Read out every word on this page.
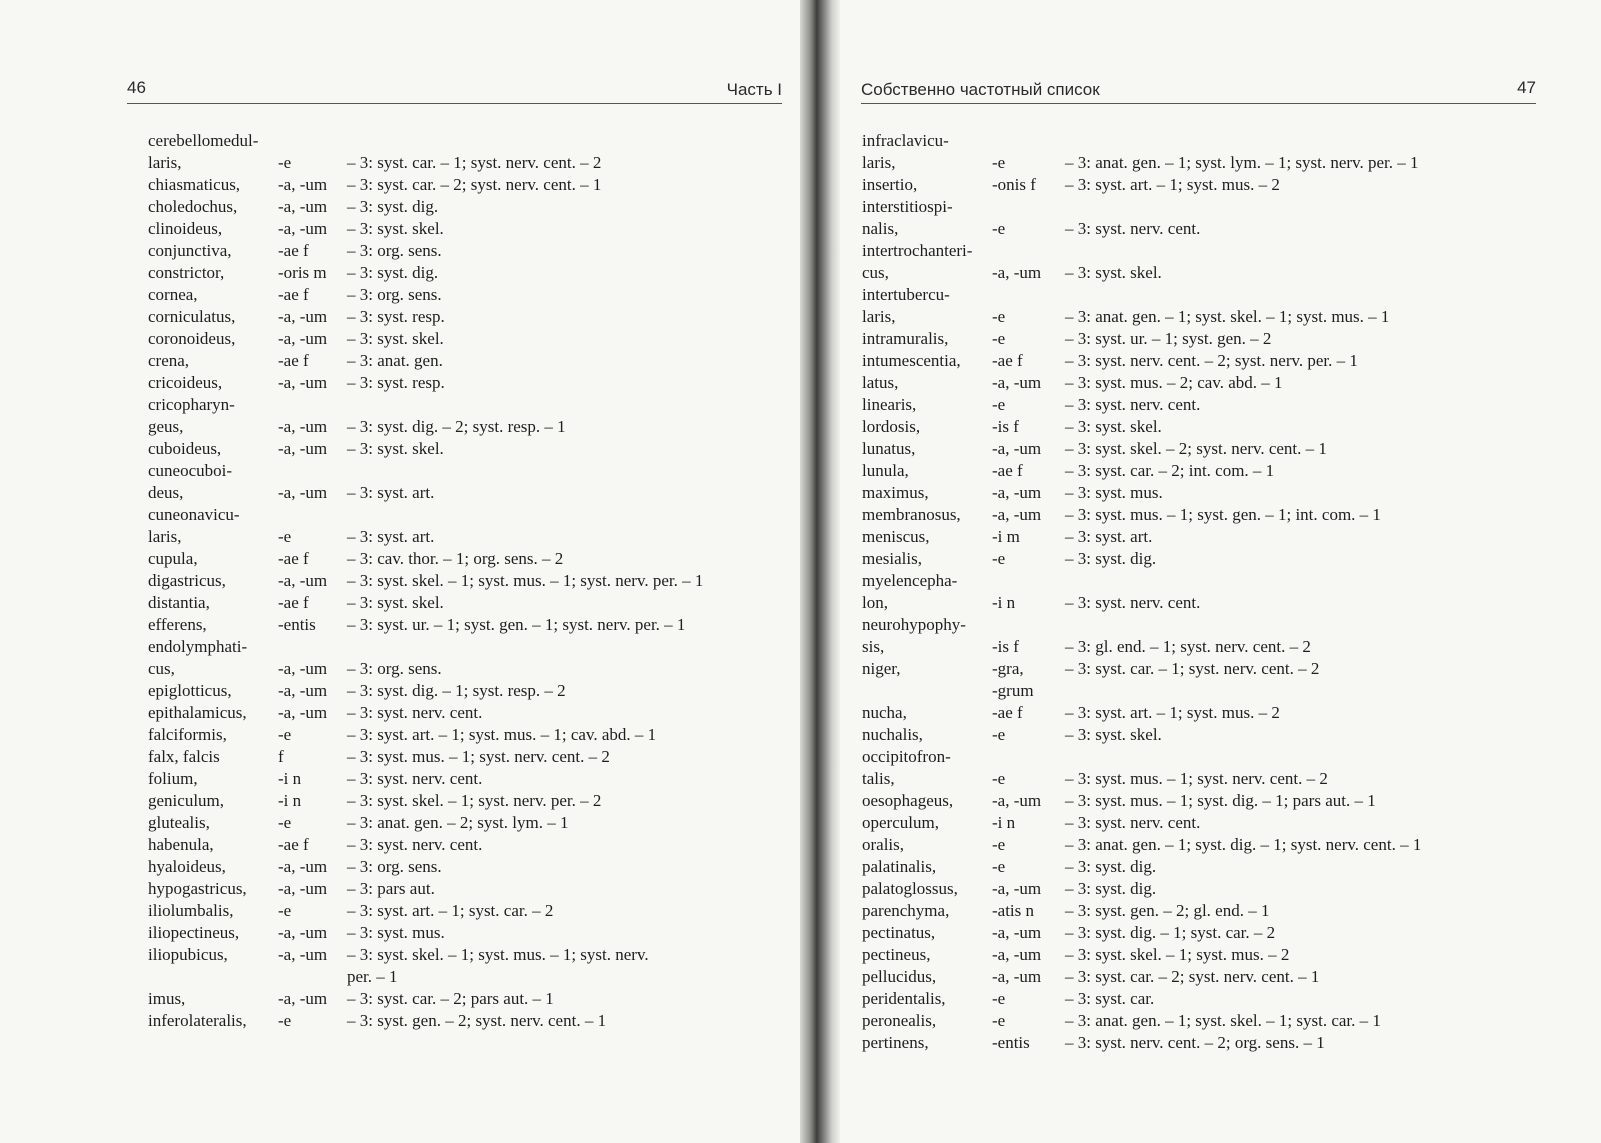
46	Часть I
cerebellomedul-
laris,	-e	– 3: syst. car. – 1; syst. nerv. cent. – 2
chiasmaticus,	-a, -um	– 3: syst. car. – 2; syst. nerv. cent. – 1
choledochus,	-a, -um	– 3: syst. dig.
clinoideus,	-a, -um	– 3: syst. skel.
conjunctiva,	-ae f	– 3: org. sens.
constrictor,	-oris m	– 3: syst. dig.
cornea,	-ae f	– 3: org. sens.
corniculatus,	-a, -um	– 3: syst. resp.
coronoideus,	-a, -um	– 3: syst. skel.
crena,	-ae f	– 3: anat. gen.
cricoideus,	-a, -um	– 3: syst. resp.
cricopharyn-
geus,	-a, -um	– 3: syst. dig. – 2; syst. resp. – 1
cuboideus,	-a, -um	– 3: syst. skel.
cuneocuboi-
deus,	-a, -um	– 3: syst. art.
cuneonavicu-
laris,	-e	– 3: syst. art.
cupula,	-ae f	– 3: cav. thor. – 1; org. sens. – 2
digastricus,	-a, -um	– 3: syst. skel. – 1; syst. mus. – 1; syst. nerv. per. – 1
distantia,	-ae f	– 3: syst. skel.
efferens,	-entis	– 3: syst. ur. – 1; syst. gen. – 1; syst. nerv. per. – 1
endolymphati-
cus,	-a, -um	– 3: org. sens.
epiglotticus,	-a, -um	– 3: syst. dig. – 1; syst. resp. – 2
epithalamicus,	-a, -um	– 3: syst. nerv. cent.
falciformis,	-e	– 3: syst. art. – 1; syst. mus. – 1; cav. abd. – 1
falx, falcis	f	– 3: syst. mus. – 1; syst. nerv. cent. – 2
folium,	-i n	– 3: syst. nerv. cent.
geniculum,	-i n	– 3: syst. skel. – 1; syst. nerv. per. – 2
glutealis,	-e	– 3: anat. gen. – 2; syst. lym. – 1
habenula,	-ae f	– 3: syst. nerv. cent.
hyaloideus,	-a, -um	– 3: org. sens.
hypogastricus,	-a, -um	– 3: pars aut.
iliolumbalis,	-e	– 3: syst. art. – 1; syst. car. – 2
iliopectineus,	-a, -um	– 3: syst. mus.
iliopubicus,	-a, -um	– 3: syst. skel. – 1; syst. mus. – 1; syst. nerv.
per. – 1
imus,	-a, -um	– 3: syst. car. – 2; pars aut. – 1
inferolateralis,	-e	– 3: syst. gen. – 2; syst. nerv. cent. – 1
Собственно частотный список	47
infraclavicu-
laris,	-e	– 3: anat. gen. – 1; syst. lym. – 1; syst. nerv. per. – 1
insertio,	-onis f	– 3: syst. art. – 1; syst. mus. – 2
interstitiospi-
nalis,	-e	– 3: syst. nerv. cent.
intertrochanteri-
cus,	-a, -um	– 3: syst. skel.
intertubercu-
laris,	-e	– 3: anat. gen. – 1; syst. skel. – 1; syst. mus. – 1
intramuralis,	-e	– 3: syst. ur. – 1; syst. gen. – 2
intumescentia,	-ae f	– 3: syst. nerv. cent. – 2; syst. nerv. per. – 1
latus,	-a, -um	– 3: syst. mus. – 2; cav. abd. – 1
linearis,	-e	– 3: syst. nerv. cent.
lordosis,	-is f	– 3: syst. skel.
lunatus,	-a, -um	– 3: syst. skel. – 2; syst. nerv. cent. – 1
lunula,	-ae f	– 3: syst. car. – 2; int. com. – 1
maximus,	-a, -um	– 3: syst. mus.
membranosus,	-a, -um	– 3: syst. mus. – 1; syst. gen. – 1; int. com. – 1
meniscus,	-i m	– 3: syst. art.
mesialis,	-e	– 3: syst. dig.
myelencepha-
lon,	-i n	– 3: syst. nerv. cent.
neurohypophy-
sis,	-is f	– 3: gl. end. – 1; syst. nerv. cent. – 2
niger,	-gra,	– 3: syst. car. – 1; syst. nerv. cent. – 2
-grum
nucha,	-ae f	– 3: syst. art. – 1; syst. mus. – 2
nuchalis,	-e	– 3: syst. skel.
occipitofron-
talis,	-e	– 3: syst. mus. – 1; syst. nerv. cent. – 2
oesophageus,	-a, -um	– 3: syst. mus. – 1; syst. dig. – 1; pars aut. – 1
operculum,	-i n	– 3: syst. nerv. cent.
oralis,	-e	– 3: anat. gen. – 1; syst. dig. – 1; syst. nerv. cent. – 1
palatinalis,	-e	– 3: syst. dig.
palatoglossus,	-a, -um	– 3: syst. dig.
parenchyma,	-atis n	– 3: syst. gen. – 2; gl. end. – 1
pectinatus,	-a, -um	– 3: syst. dig. – 1; syst. car. – 2
pectineus,	-a, -um	– 3: syst. skel. – 1; syst. mus. – 2
pellucidus,	-a, -um	– 3: syst. car. – 2; syst. nerv. cent. – 1
peridentalis,	-e	– 3: syst. car.
peronealis,	-e	– 3: anat. gen. – 1; syst. skel. – 1; syst. car. – 1
pertinens,	-entis	– 3: syst. nerv. cent. – 2; org. sens. – 1
